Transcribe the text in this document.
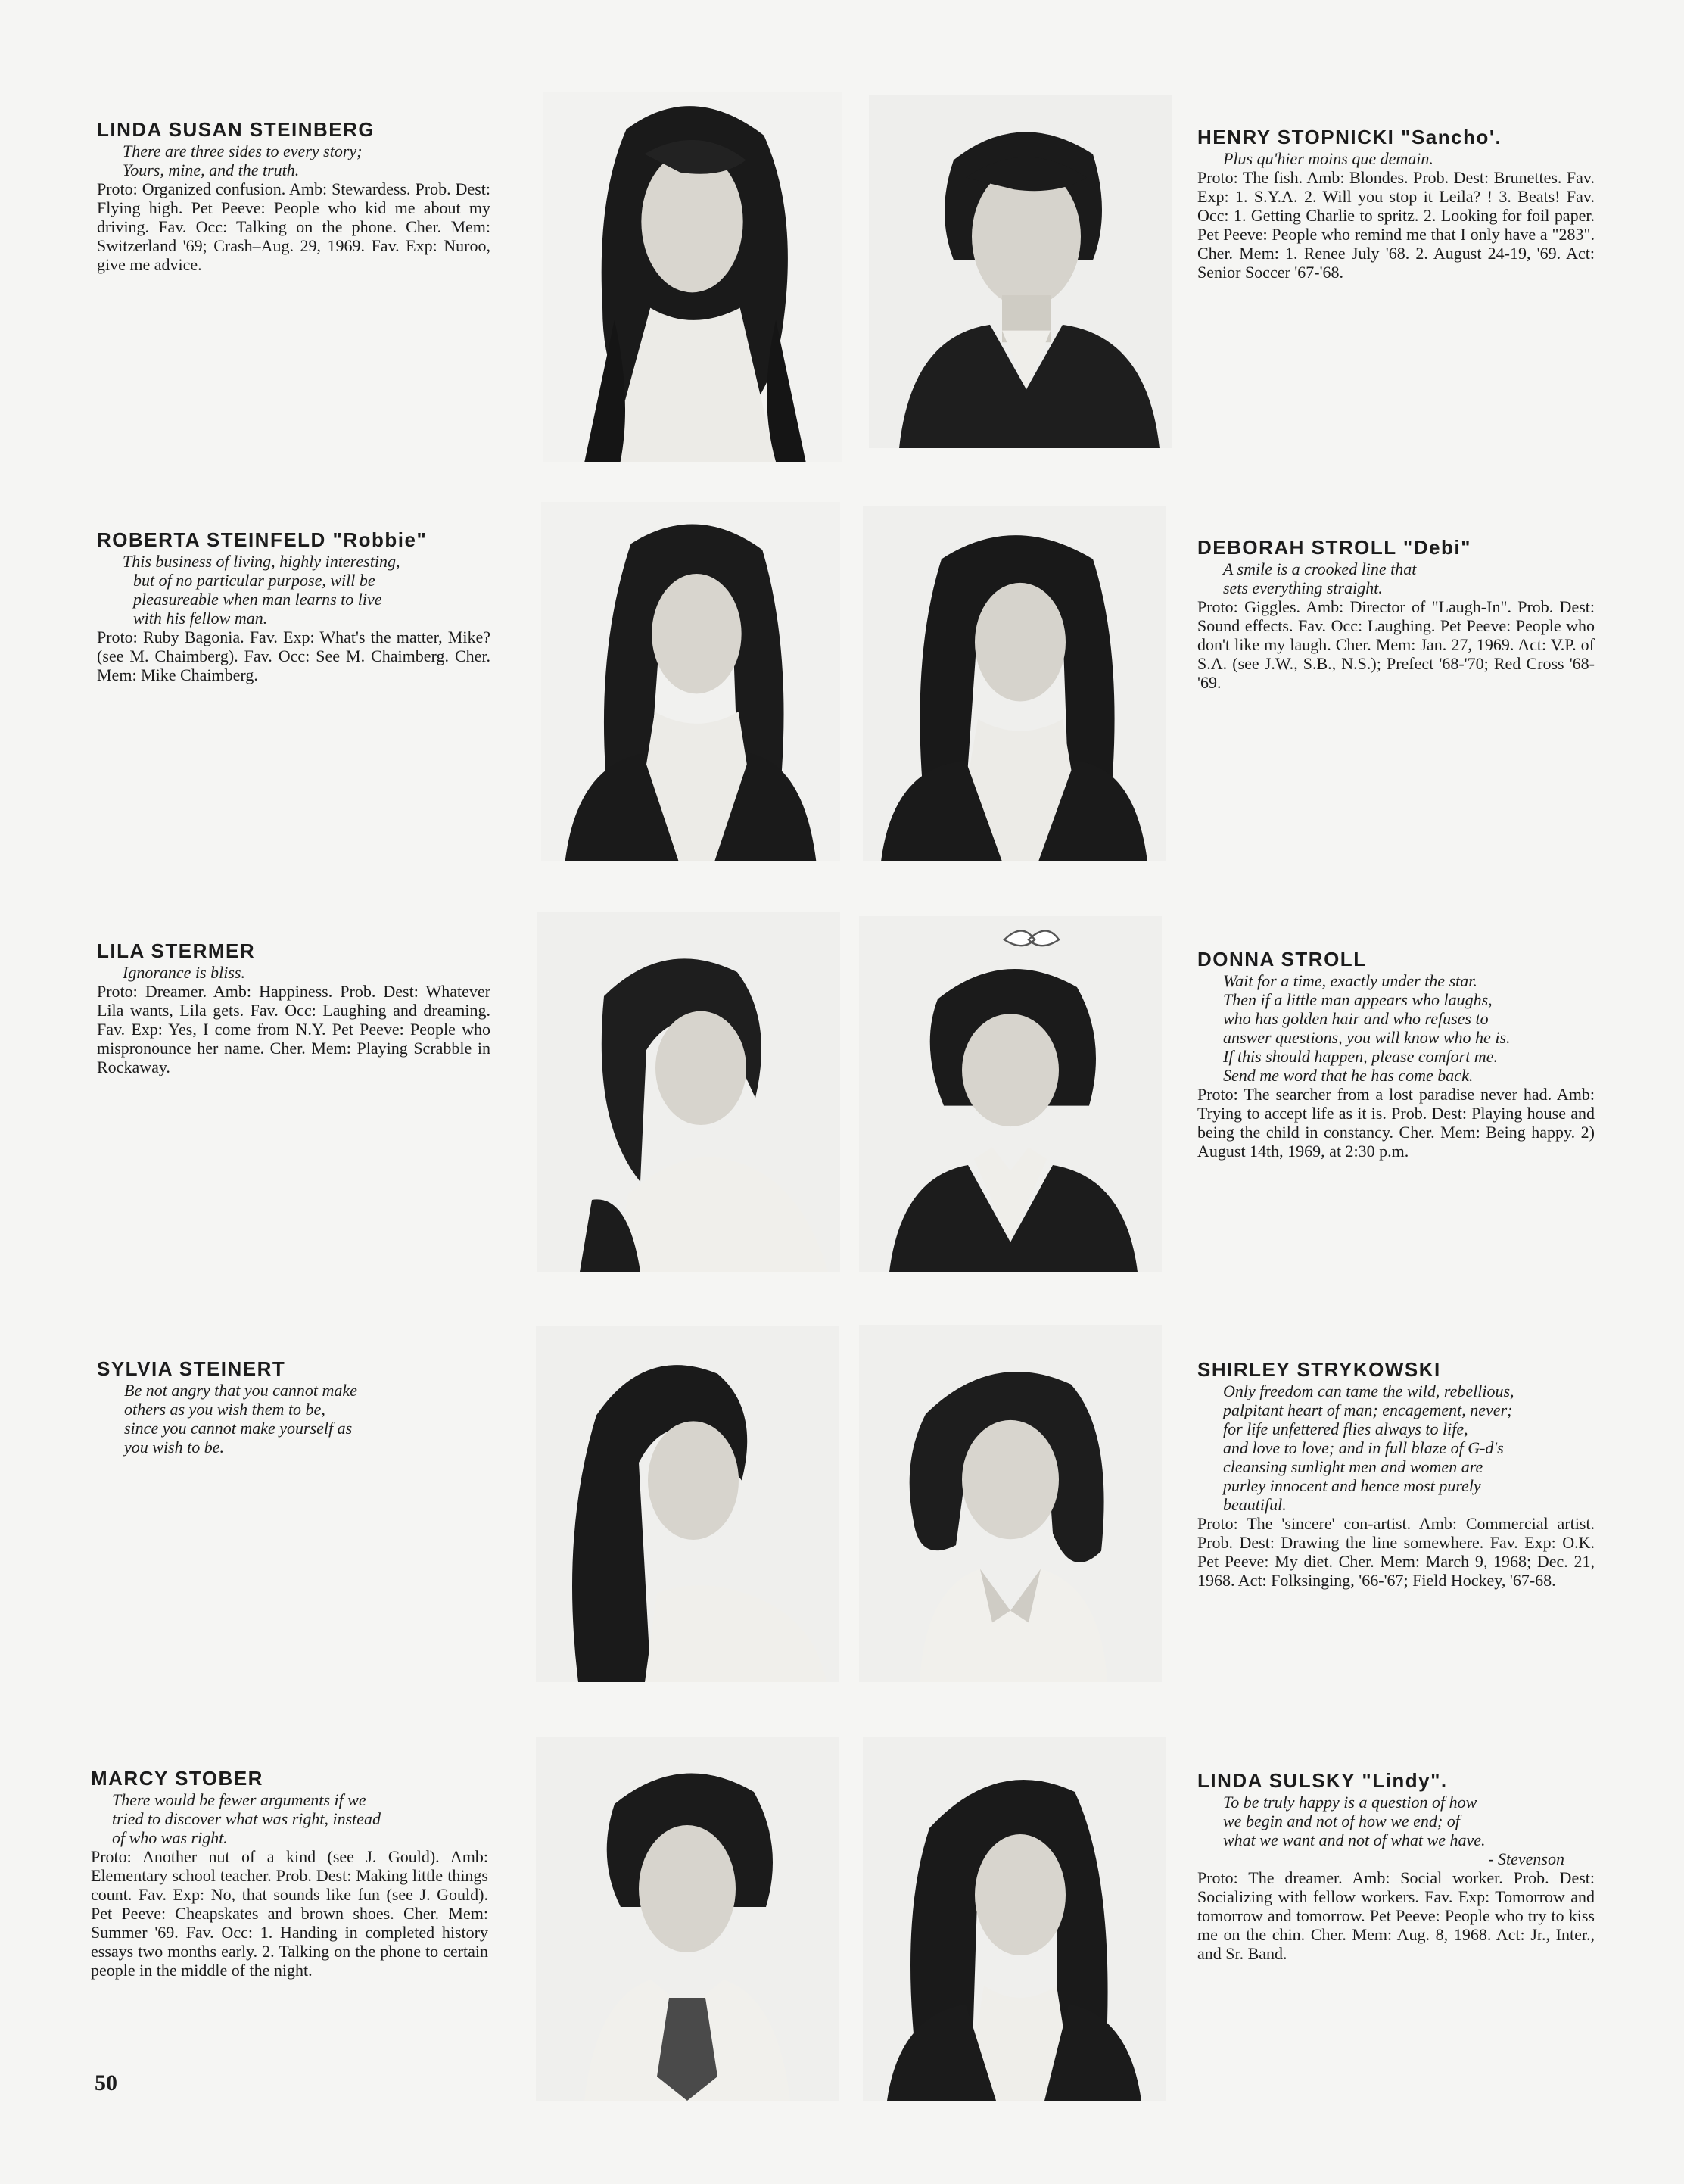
LINDA SUSAN STEINBERG
There are three sides to every story;
Yours, mine, and the truth.
Proto: Organized confusion. Amb: Stewardess. Prob. Dest: Flying high. Pet Peeve: People who kid me about my driving. Fav. Occ: Talking on the phone. Cher. Mem: Switzerland '69; Crash–Aug. 29, 1969. Fav. Exp: Nuroo, give me advice.
HENRY STOPNICKI "Sancho'.
Plus qu'hier moins que demain.
Proto: The fish. Amb: Blondes. Prob. Dest: Brunettes. Fav. Exp: 1. S.Y.A. 2. Will you stop it Leila? ! 3. Beats! Fav. Occ: 1. Getting Charlie to spritz. 2. Looking for foil paper. Pet Peeve: People who remind me that I only have a "283". Cher. Mem: 1. Renee July '68. 2. August 24-19, '69. Act: Senior Soccer '67-'68.
ROBERTA STEINFELD "Robbie"
This business of living, highly interesting,
but of no particular purpose, will be
pleasureable when man learns to live
with his fellow man.
Proto: Ruby Bagonia. Fav. Exp: What's the matter, Mike? (see M. Chaimberg). Fav. Occ: See M. Chaimberg. Cher. Mem: Mike Chaimberg.
DEBORAH STROLL "Debi"
A smile is a crooked line that
sets everything straight.
Proto: Giggles. Amb: Director of "Laugh-In". Prob. Dest: Sound effects. Fav. Occ: Laughing. Pet Peeve: People who don't like my laugh. Cher. Mem: Jan. 27, 1969. Act: V.P. of S.A. (see J.W., S.B., N.S.); Prefect '68-'70; Red Cross '68-'69.
LILA STERMER
Ignorance is bliss.
Proto: Dreamer. Amb: Happiness. Prob. Dest: Whatever Lila wants, Lila gets. Fav. Occ: Laughing and dreaming. Fav. Exp: Yes, I come from N.Y. Pet Peeve: People who mispronounce her name. Cher. Mem: Playing Scrabble in Rockaway.
DONNA STROLL
Wait for a time, exactly under the star.
Then if a little man appears who laughs,
who has golden hair and who refuses to
answer questions, you will know who he is.
If this should happen, please comfort me.
Send me word that he has come back.
Proto: The searcher from a lost paradise never had. Amb: Trying to accept life as it is. Prob. Dest: Playing house and being the child in constancy. Cher. Mem: Being happy. 2) August 14th, 1969, at 2:30 p.m.
SYLVIA STEINERT
Be not angry that you cannot make
others as you wish them to be,
since you cannot make yourself as
you wish to be.
SHIRLEY STRYKOWSKI
Only freedom can tame the wild, rebellious,
palpitant heart of man; encagement, never;
for life unfettered flies always to life,
and love to love; and in full blaze of G-d's
cleansing sunlight men and women are
purley innocent and hence most purely
beautiful.
Proto: The 'sincere' con-artist. Amb: Commercial artist. Prob. Dest: Drawing the line somewhere. Fav. Exp: O.K. Pet Peeve: My diet. Cher. Mem: March 9, 1968; Dec. 21, 1968. Act: Folksinging, '66-'67; Field Hockey, '67-68.
MARCY STOBER
There would be fewer arguments if we
tried to discover what was right, instead
of who was right.
Proto: Another nut of a kind (see J. Gould). Amb: Elementary school teacher. Prob. Dest: Making little things count. Fav. Exp: No, that sounds like fun (see J. Gould). Pet Peeve: Cheapskates and brown shoes. Cher. Mem: Summer '69. Fav. Occ: 1. Handing in completed history essays two months early. 2. Talking on the phone to certain people in the middle of the night.
LINDA SULSKY "Lindy".
To be truly happy is a question of how
we begin and not of how we end; of
what we want and not of what we have.
- Stevenson
Proto: The dreamer. Amb: Social worker. Prob. Dest: Socializing with fellow workers. Fav. Exp: Tomorrow and tomorrow and tomorrow. Pet Peeve: People who try to kiss me on the chin. Cher. Mem: Aug. 8, 1968. Act: Jr., Inter., and Sr. Band.
50
